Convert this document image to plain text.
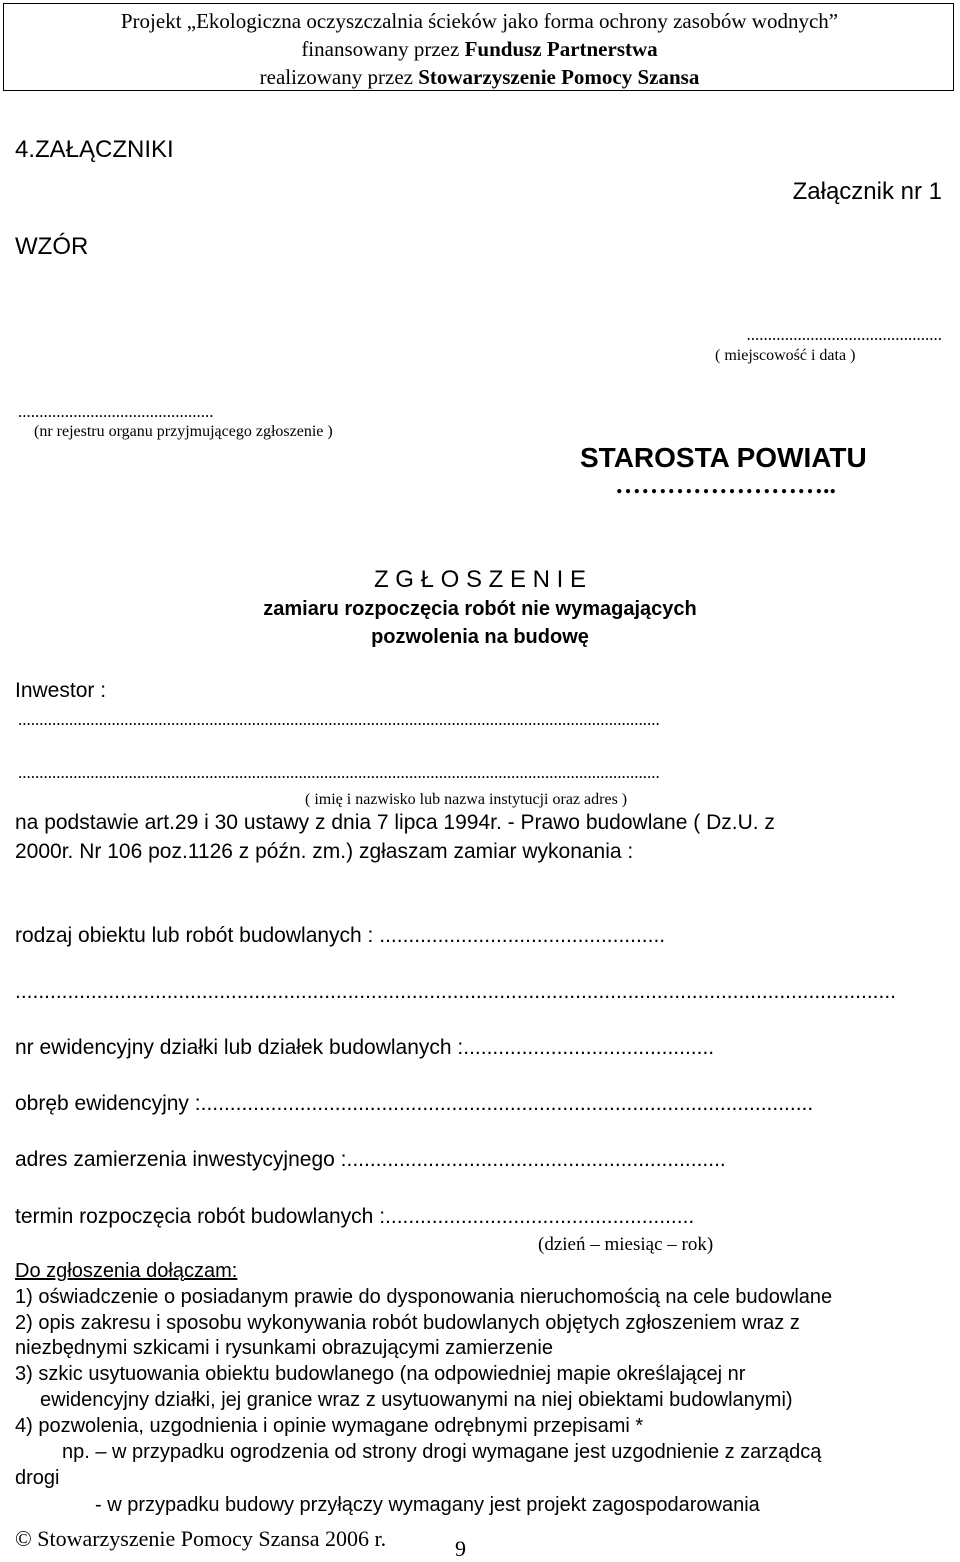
Projekt „Ekologiczna oczyszczalnia ścieków jako forma ochrony zasobów wodnych”
finansowany przez Fundusz Partnerstwa
realizowany przez Stowarzyszenie Pomocy Szansa
4.ZAŁĄCZNIKI
Załącznik nr 1
WZÓR
..............................................
( miejscowość i data )
..............................................
(nr rejestru organu przyjmującego zgłoszenie )
STAROSTA POWIATU
……………………..
Z G Ł O S Z E N I E
zamiaru rozpoczęcia robót nie wymagających
pozwolenia na budowę
Inwestor :
.......................................................................................................................................................
.......................................................................................................................................................
( imię i nazwisko lub nazwa instytucji oraz adres )
na podstawie art.29 i 30 ustawy z dnia 7 lipca 1994r. - Prawo budowlane ( Dz.U. z
2000r. Nr 106 poz.1126 z późn. zm.) zgłaszam zamiar wykonania :
rodzaj obiektu lub robót budowlanych : .................................................
.......................................................................................................................................................
nr ewidencyjny działki lub działek budowlanych :...........................................
obręb ewidencyjny :.........................................................................................................
adres zamierzenia inwestycyjnego :.................................................................
termin rozpoczęcia robót budowlanych :.....................................................
(dzień – miesiąc – rok)
Do zgłoszenia dołączam:
1) oświadczenie o posiadanym prawie do dysponowania nieruchomością na cele budowlane
2) opis zakresu i sposobu wykonywania robót budowlanych objętych zgłoszeniem wraz z
niezbędnymi szkicami i rysunkami obrazującymi zamierzenie
3) szkic usytuowania obiektu budowlanego (na odpowiedniej mapie określającej nr
ewidencyjny działki, jej granice wraz z usytuowanymi na niej obiektami budowlanymi)
4) pozwolenia, uzgodnienia i opinie wymagane odrębnymi przepisami *
np. – w przypadku ogrodzenia od strony drogi wymagane jest uzgodnienie z zarządcą
drogi
- w przypadku budowy przyłączy wymagany jest projekt zagospodarowania
© Stowarzyszenie Pomocy Szansa 2006 r.	9
